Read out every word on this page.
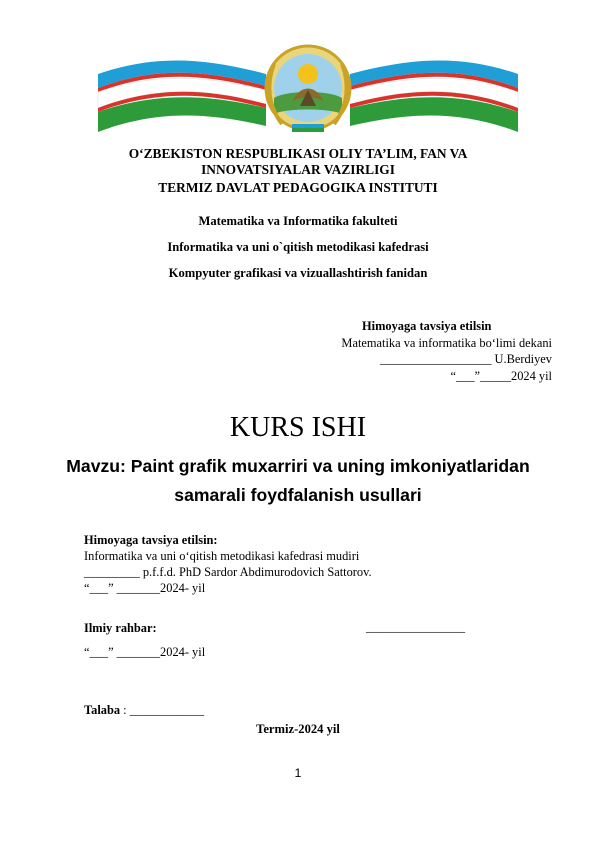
O‘ZBEKISTON RESPUBLIKASI OLIY TA’LIM, FAN VA
INNOVATSIYALAR VAZIRLIGI
TERMIZ DAVLAT PEDAGOGIKA INSTITUTI
Matematika va Informatika fakulteti
Informatika va uni o`qitish metodikasi kafedrasi
Kompyuter grafikasi va vizuallashtirish fanidan
Himoyaga tavsiya etilsin
Matematika va informatika bo‘limi dekani
__________________ U.Berdiyev
“___”_____2024 yil
KURS ISHI
Mavzu: Paint grafik muxarriri va uning imkoniyatlaridan
samarali foydfalanish usullari
Himoyaga tavsiya etilsin:
Informatika va uni o‘qitish metodikasi kafedrasi mudiri
_________ p.f.f.d. PhD Sardor Abdimurodovich Sattorov.
“___” _______2024- yil
Ilmiy rahbar:	________________
“___” _______2024- yil
Talaba : ____________
Termiz-2024 yil
1
